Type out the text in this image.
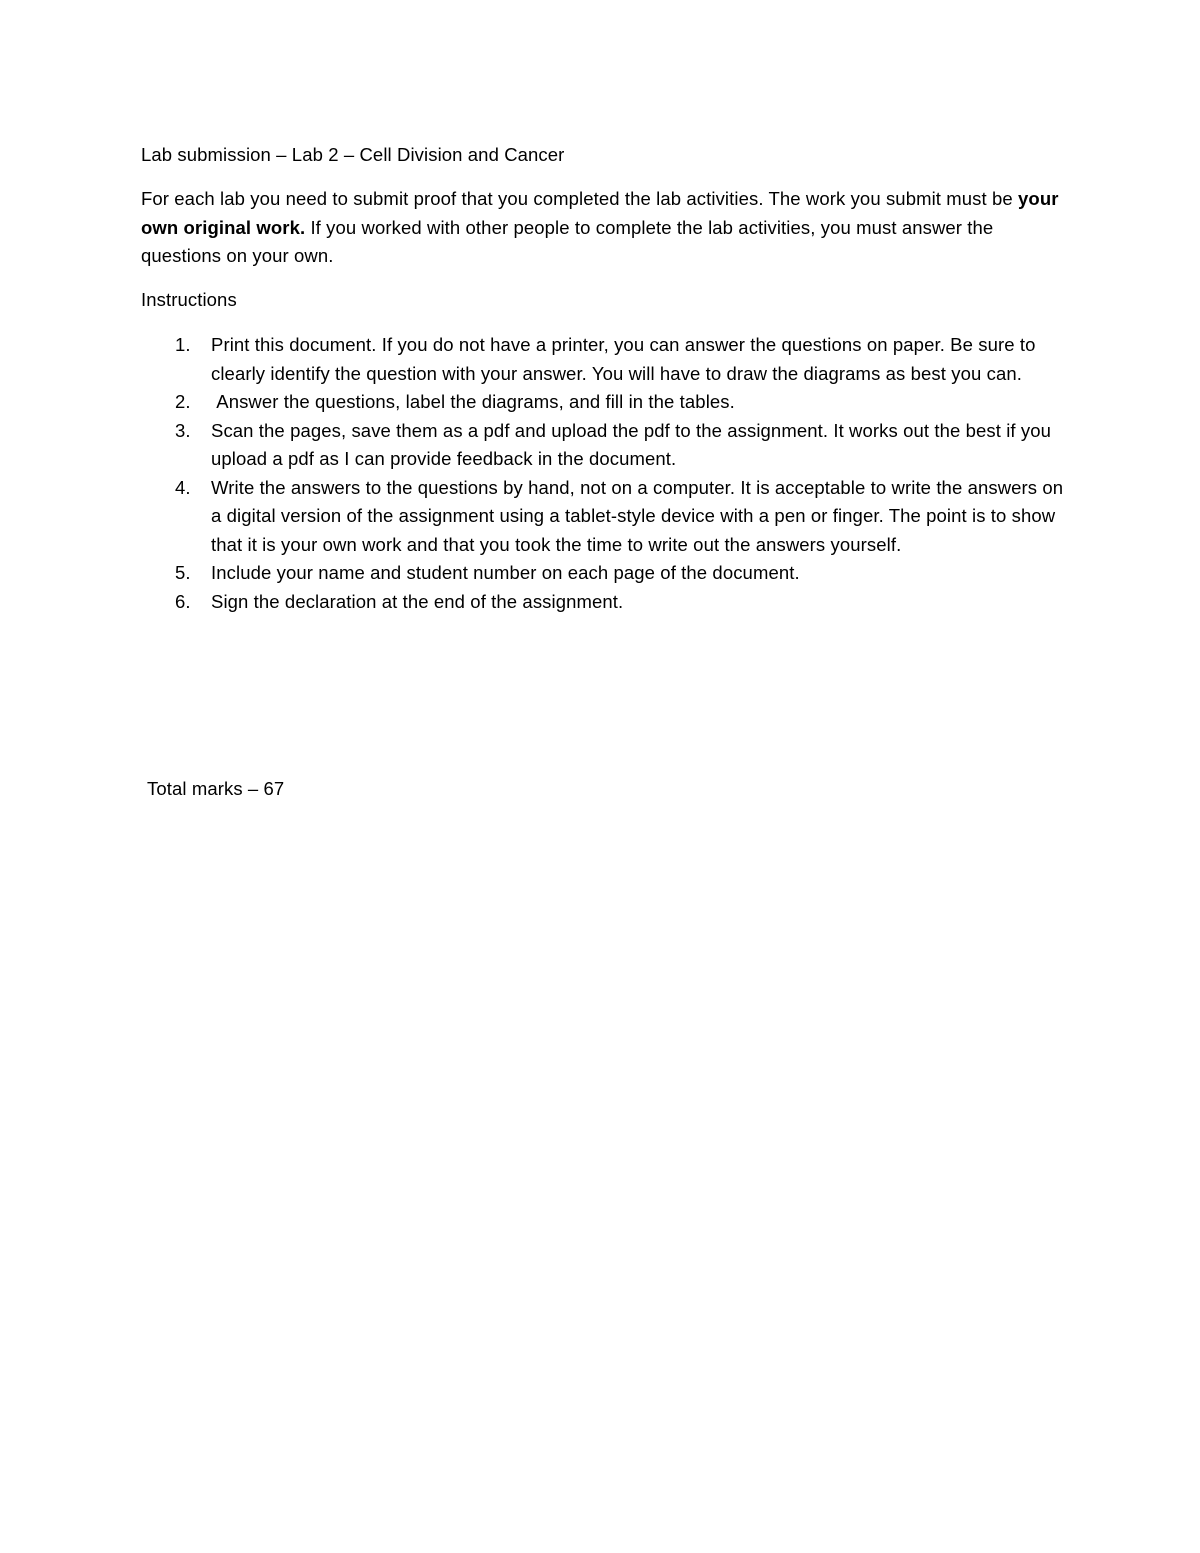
Lab submission – Lab 2 – Cell Division and Cancer

For each lab you need to submit proof that you completed the lab activities. The work you submit must be your own original work. If you worked with other people to complete the lab activities, you must answer the questions on your own.

Instructions
1. Print this document. If you do not have a printer, you can answer the questions on paper. Be sure to clearly identify the question with your answer. You will have to draw the diagrams as best you can.
2. Answer the questions, label the diagrams, and fill in the tables.
3. Scan the pages, save them as a pdf and upload the pdf to the assignment. It works out the best if you upload a pdf as I can provide feedback in the document.
4. Write the answers to the questions by hand, not on a computer. It is acceptable to write the answers on a digital version of the assignment using a tablet-style device with a pen or finger. The point is to show that it is your own work and that you took the time to write out the answers yourself.
5. Include your name and student number on each page of the document.
6. Sign the declaration at the end of the assignment.
Total marks – 67
